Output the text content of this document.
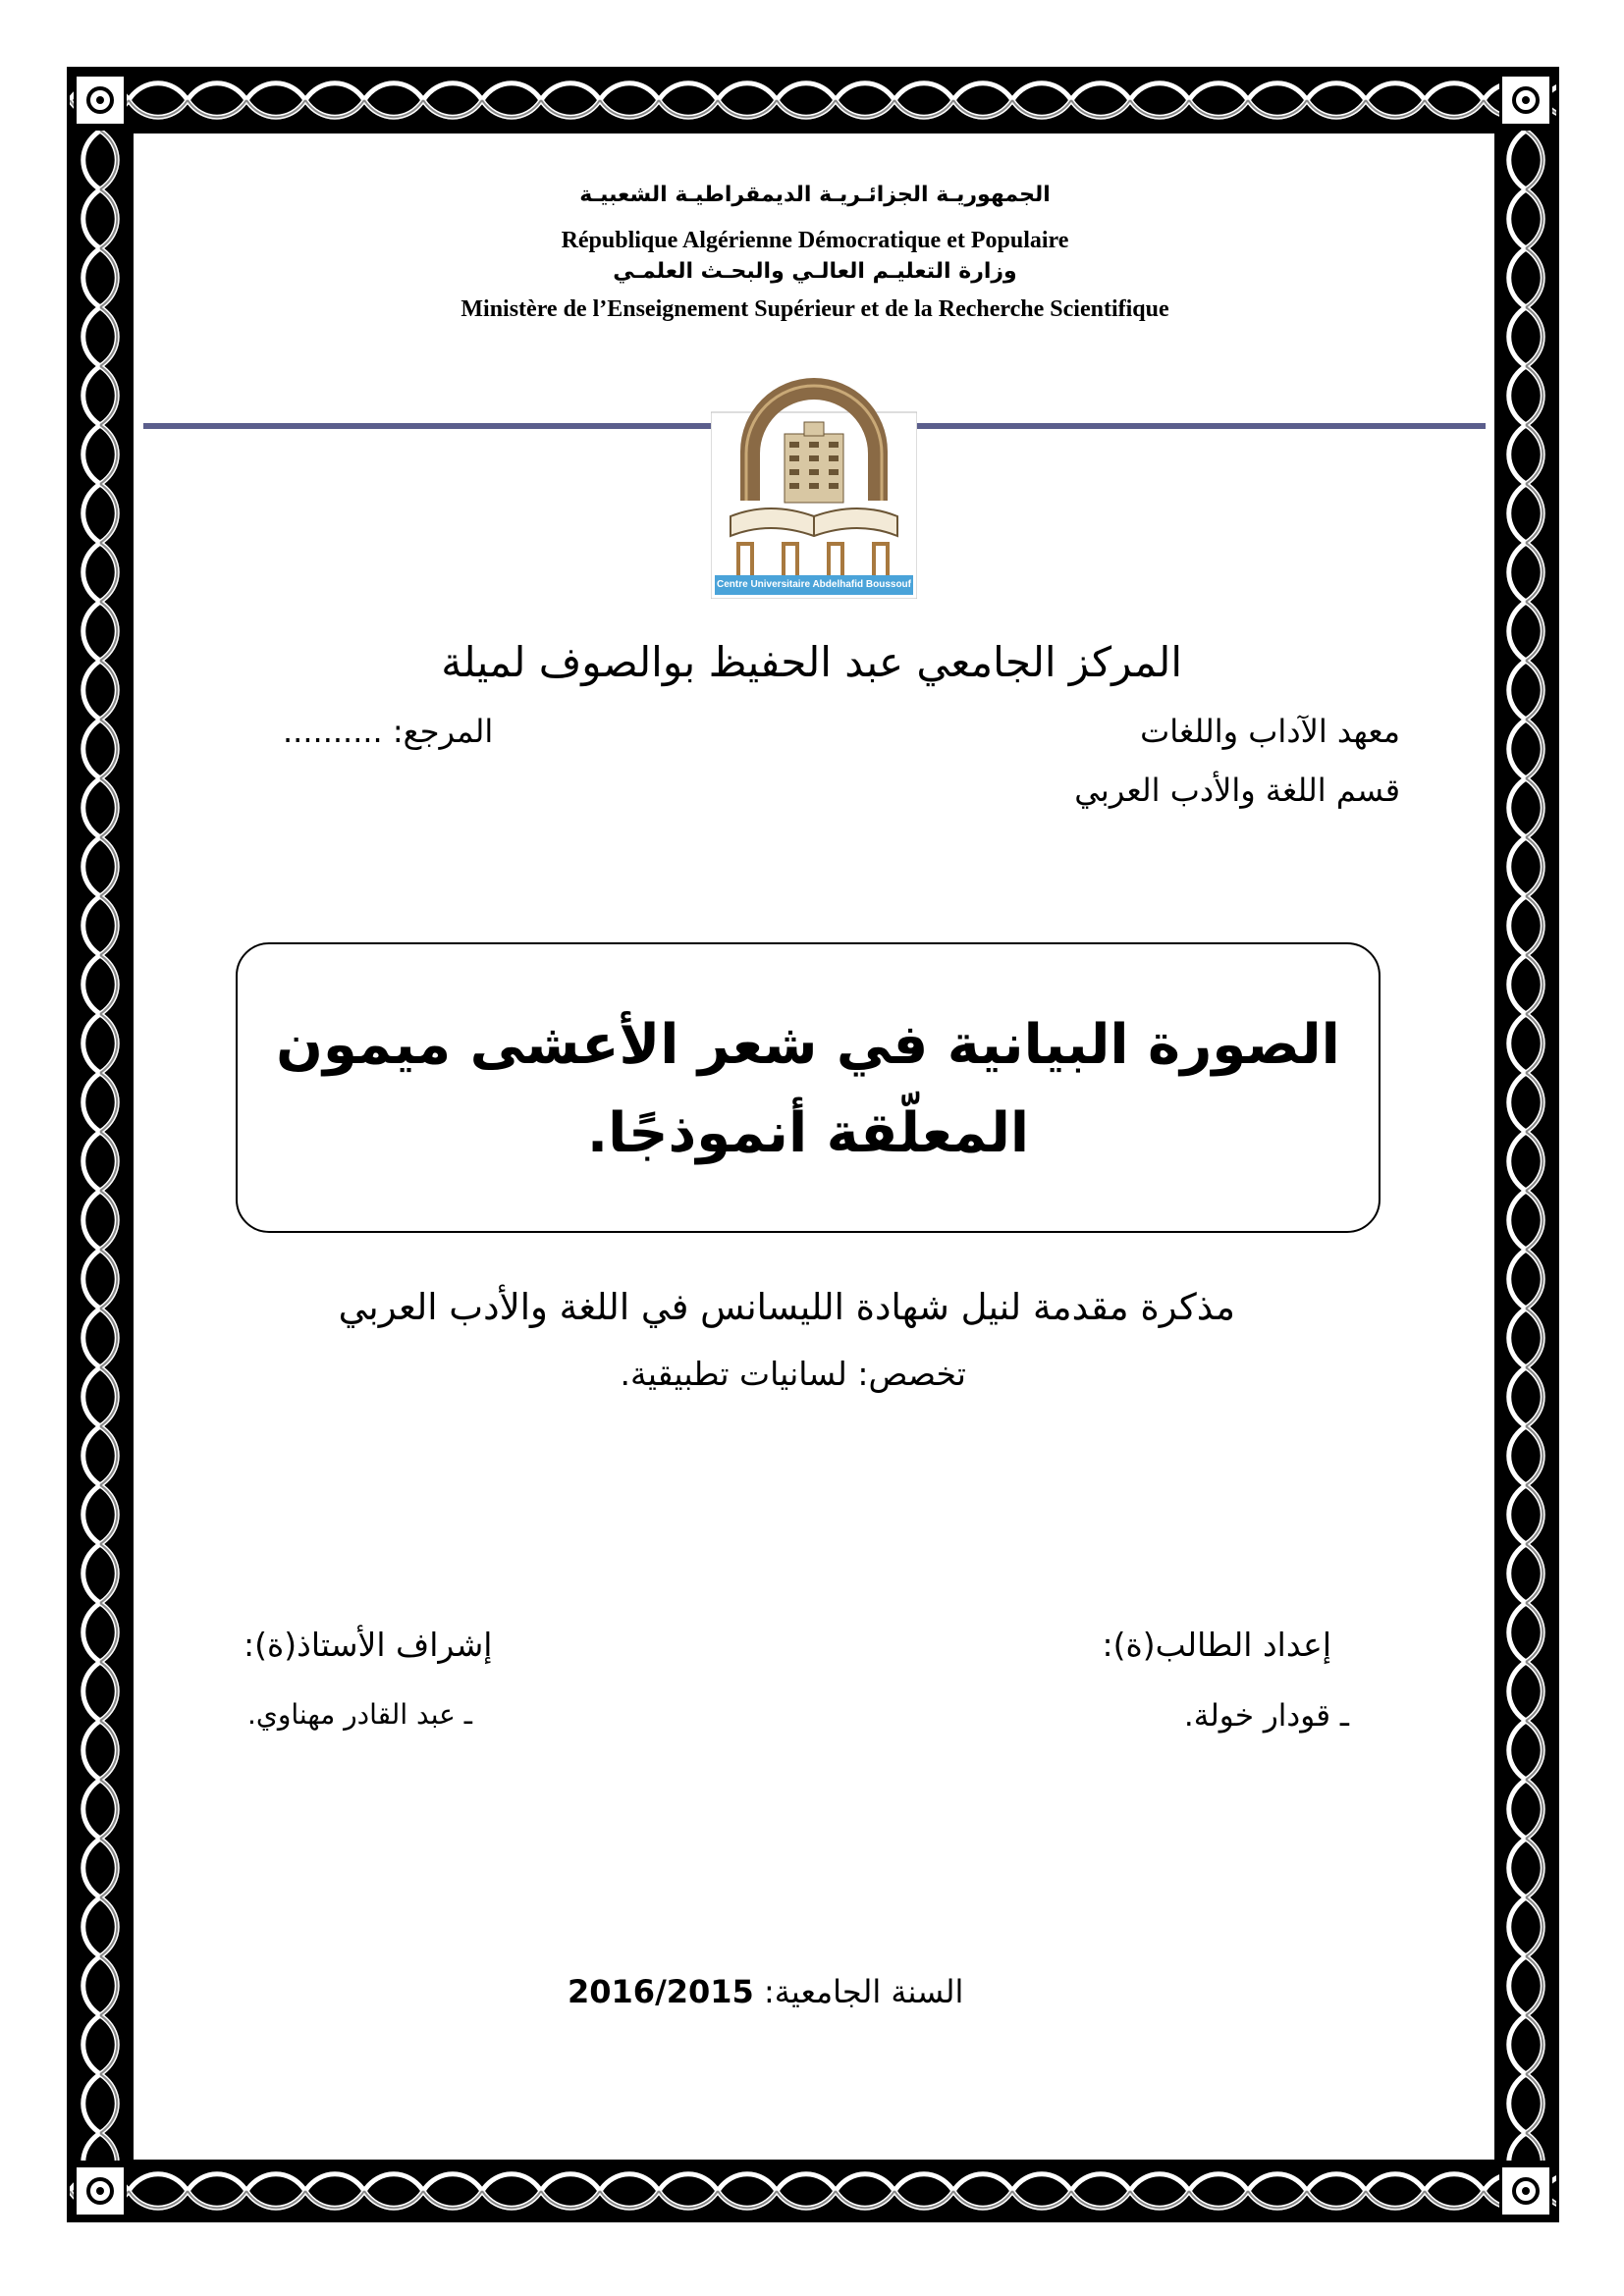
الجمهوريـة الجزائـريـة الديمقراطيـة الشعبيـة
République Algérienne Démocratique et Populaire
وزارة التعليـم العالـي والبحـث العلمـي
Ministère de l’Enseignement Supérieur et de la Recherche Scientifique
Centre Universitaire Abdelhafid Boussouf Mila
المركز الجامعي عبد الحفيظ بوالصوف لميلة
معهد الآداب واللغات
المرجع: ..........
قسم اللغة والأدب العربي
الصورة البيانية في شعر الأعشى ميمون
المعلّقة أنموذجًا.
مذكرة مقدمة لنيل شهادة الليسانس في اللغة والأدب العربي
تخصص: لسانيات تطبيقية.
إعداد الطالب(ة):
ـ قودار خولة.
إشراف الأستاذ(ة):
ـ عبد القادر مهناوي.
السنة الجامعية: 2016/2015
